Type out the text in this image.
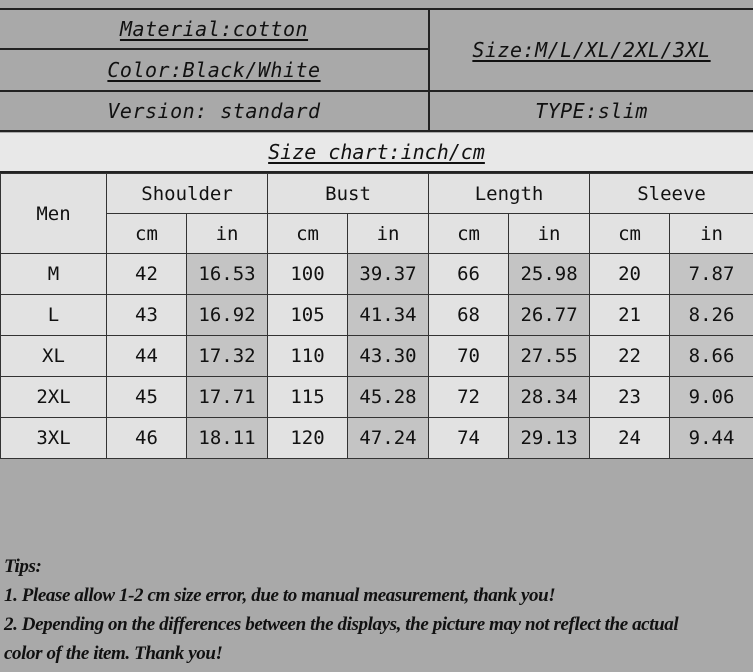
Material:cotton
Color:Black/White
Version: standard
Size:M/L/XL/2XL/3XL
TYPE:slim
Size chart:inch/cm
Men	Shoulder		Bust		Length		Sleeve	
	cm	in	cm	in	cm	in	cm	in
M	42	16.53	100	39.37	66	25.98	20	7.87
L	43	16.92	105	41.34	68	26.77	21	8.26
XL	44	17.32	110	43.30	70	27.55	22	8.66
2XL	45	17.71	115	45.28	72	28.34	23	9.06
3XL	46	18.11	120	47.24	74	29.13	24	9.44
Tips:
1. Please allow 1-2 cm size error, due to manual measurement, thank you!
2. Depending on the differences between the displays, the picture may not reflect the actual
color of the item. Thank you!
